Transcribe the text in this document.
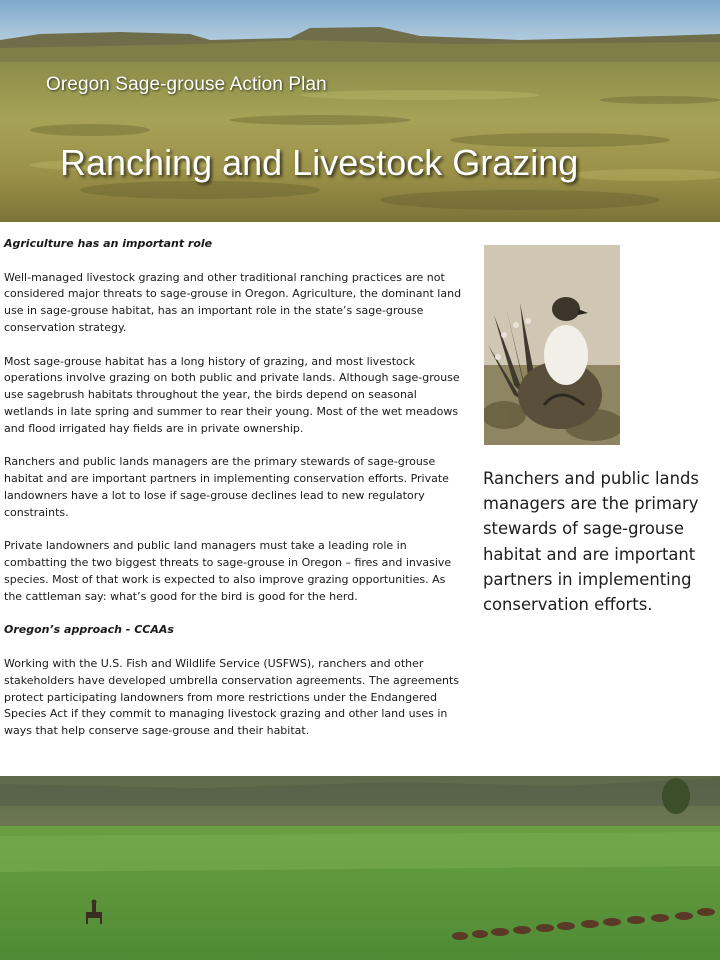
Oregon Sage-grouse Action Plan
Ranching and Livestock Grazing

Agriculture has an important role

Well-managed livestock grazing and other traditional ranching practices are not considered major threats to sage-grouse in Oregon. Agriculture, the dominant land use in sage-grouse habitat, has an important role in the state’s sage-grouse conservation strategy.

Most sage-grouse habitat has a long history of grazing, and most livestock operations involve grazing on both public and private lands. Although sage-grouse use sagebrush habitats throughout the year, the birds depend on seasonal wetlands in late spring and summer to rear their young. Most of the wet meadows and flood irrigated hay fields are in private ownership.

Ranchers and public lands managers are the primary stewards of sage-grouse habitat and are important partners in implementing conservation efforts. Private landowners have a lot to lose if sage-grouse declines lead to new regulatory constraints.

Private landowners and public land managers must take a leading role in combatting the two biggest threats to sage-grouse in Oregon – fires and invasive species. Most of that work is expected to also improve grazing opportunities. As the cattleman say: what’s good for the bird is good for the herd.

Oregon’s approach - CCAAs

Working with the U.S. Fish and Wildlife Service (USFWS), ranchers and other stakeholders have developed umbrella conservation agreements. The agreements protect participating landowners from more restrictions under the Endangered Species Act if they commit to managing livestock grazing and other land uses in ways that help conserve sage-grouse and their habitat.

Ranchers and public lands managers are the primary stewards of sage-grouse habitat and are important partners in implementing conservation efforts.
